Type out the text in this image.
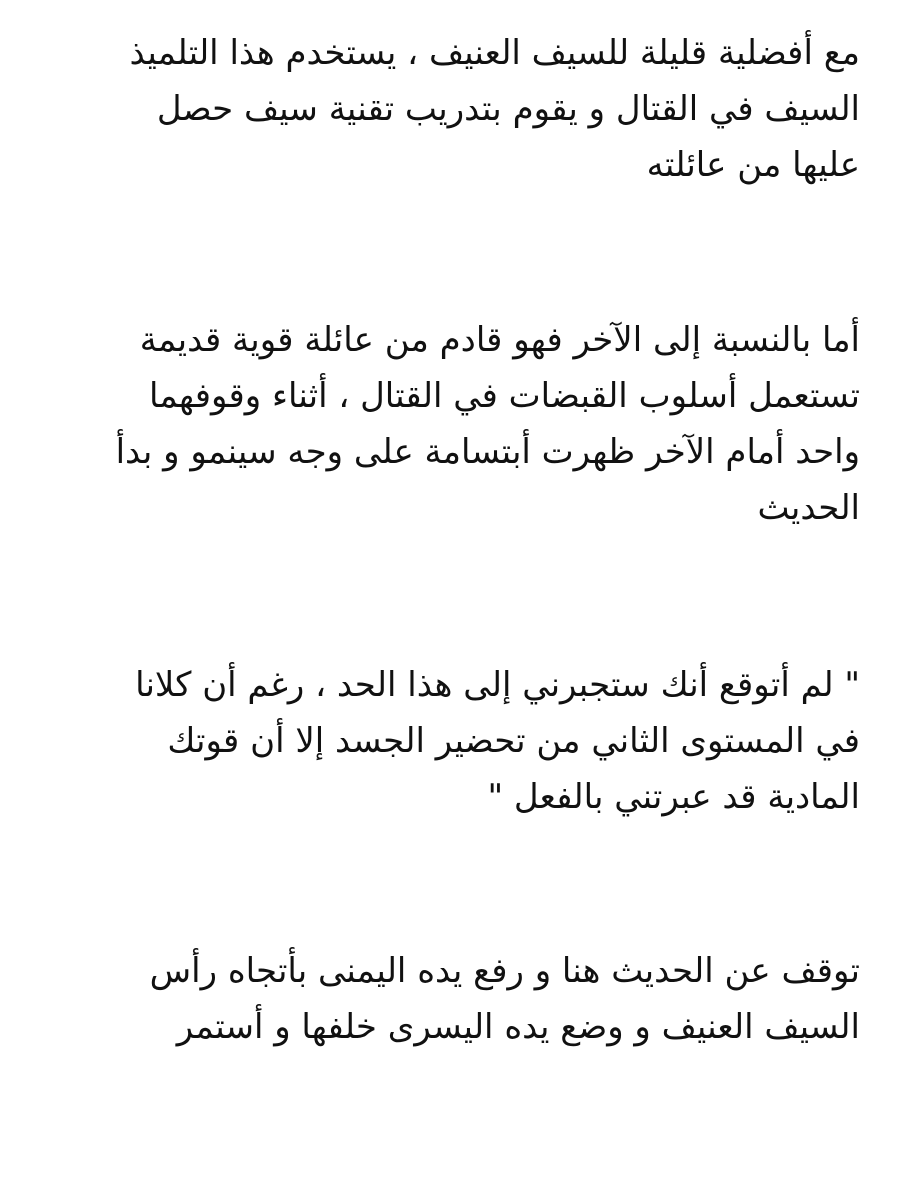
مع أفضلية قليلة للسيف العنيف ، يستخدم هذا التلميذ
السيف في القتال و يقوم بتدريب تقنية سيف حصل
عليها من عائلته
أما بالنسبة إلى الآخر فهو قادم من عائلة قوية قديمة
تستعمل أسلوب القبضات في القتال ، أثناء وقوفهما
واحد أمام الآخر ظهرت أبتسامة على وجه سينمو و بدأ
الحديث
" لم أتوقع أنك ستجبرني إلى هذا الحد ، رغم أن كلانا
في المستوى الثاني من تحضير الجسد إلا أن قوتك
المادية قد عبرتني بالفعل "
توقف عن الحديث هنا و رفع يده اليمنى بأتجاه رأس
السيف العنيف و وضع يده اليسرى خلفها و أستمر
